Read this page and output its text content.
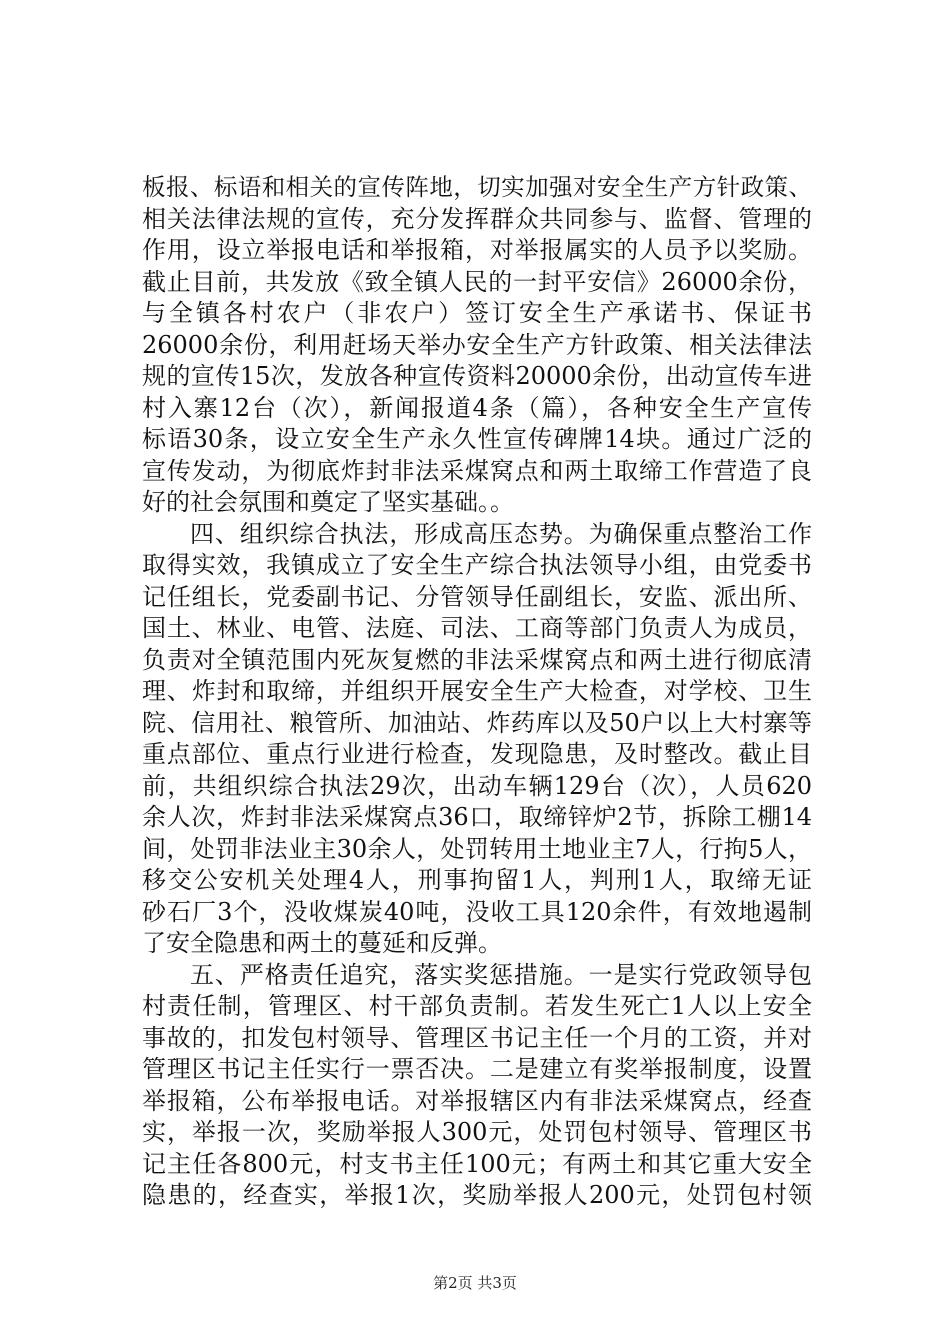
板报、标语和相关的宣传阵地，切实加强对安全生产方针政策、
相关法律法规的宣传，充分发挥群众共同参与、监督、管理的
作用，设立举报电话和举报箱，对举报属实的人员予以奖励。
截止目前，共发放《致全镇人民的一封平安信》26000余份，
与全镇各村农户（非农户）签订安全生产承诺书、保证书
26000余份，利用赶场天举办安全生产方针政策、相关法律法
规的宣传15次，发放各种宣传资料20000余份，出动宣传车进
村入寨12台（次），新闻报道4条（篇），各种安全生产宣传
标语30条，设立安全生产永久性宣传碑牌14块。通过广泛的
宣传发动，为彻底炸封非法采煤窝点和两土取缔工作营造了良
好的社会氛围和奠定了坚实基础。。
四、组织综合执法，形成高压态势。为确保重点整治工作
取得实效，我镇成立了安全生产综合执法领导小组，由党委书
记任组长，党委副书记、分管领导任副组长，安监、派出所、
国土、林业、电管、法庭、司法、工商等部门负责人为成员，
负责对全镇范围内死灰复燃的非法采煤窝点和两土进行彻底清
理、炸封和取缔，并组织开展安全生产大检查，对学校、卫生
院、信用社、粮管所、加油站、炸药库以及50户以上大村寨等
重点部位、重点行业进行检查，发现隐患，及时整改。截止目
前，共组织综合执法29次，出动车辆129台（次），人员620
余人次，炸封非法采煤窝点36口，取缔锌炉2节，拆除工棚14
间，处罚非法业主30余人，处罚转用土地业主7人，行拘5人，
移交公安机关处理4人，刑事拘留1人，判刑1人，取缔无证
砂石厂3个，没收煤炭40吨，没收工具120余件，有效地遏制
了安全隐患和两土的蔓延和反弹。
五、严格责任追究，落实奖惩措施。一是实行党政领导包
村责任制，管理区、村干部负责制。若发生死亡1人以上安全
事故的，扣发包村领导、管理区书记主任一个月的工资，并对
管理区书记主任实行一票否决。二是建立有奖举报制度，设置
举报箱，公布举报电话。对举报辖区内有非法采煤窝点，经查
实，举报一次，奖励举报人300元，处罚包村领导、管理区书
记主任各800元，村支书主任100元；有两土和其它重大安全
隐患的，经查实，举报1次，奖励举报人200元，处罚包村领
第2页 共3页
